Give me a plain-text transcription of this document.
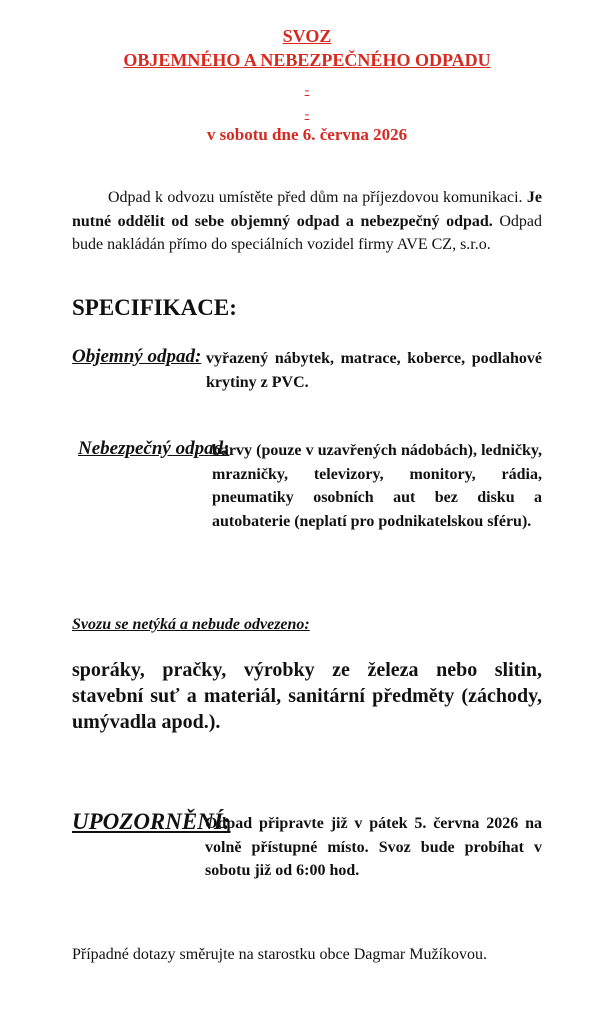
SVOZ
OBJEMNÉHO A NEBEZPEČNÉHO ODPADU
-
-
v sobotu dne 6. června 2026
Odpad k odvozu umístěte před dům na příjezdovou komunikaci. Je nutné oddělit od sebe objemný odpad a nebezpečný odpad. Odpad bude nakládán přímo do speciálních vozidel firmy AVE CZ, s.r.o.
SPECIFIKACE:
Objemný odpad: vyřazený nábytek, matrace, koberce, podlahové krytiny z PVC.
Nebezpečný odpad:
barvy (pouze v uzavřených nádobách), ledničky, mrazničky, televizory, monitory, rádia, pneumatiky osobních aut bez disku a autobaterie (neplatí pro podnikatelskou sféru).
Svozu se netýká a nebude odvezeno:
sporáky, pračky, výrobky ze železa nebo slitin, stavební suť a materiál, sanitární předměty (záchody, umývadla apod.).
UPOZORNĚNÍ:
Odpad připravte již v pátek 5. června 2026 na volně přístupné místo. Svoz bude probíhat v sobotu již od 6:00 hod.
Případné dotazy směrujte na starostku obce Dagmar Mužíkovou.
